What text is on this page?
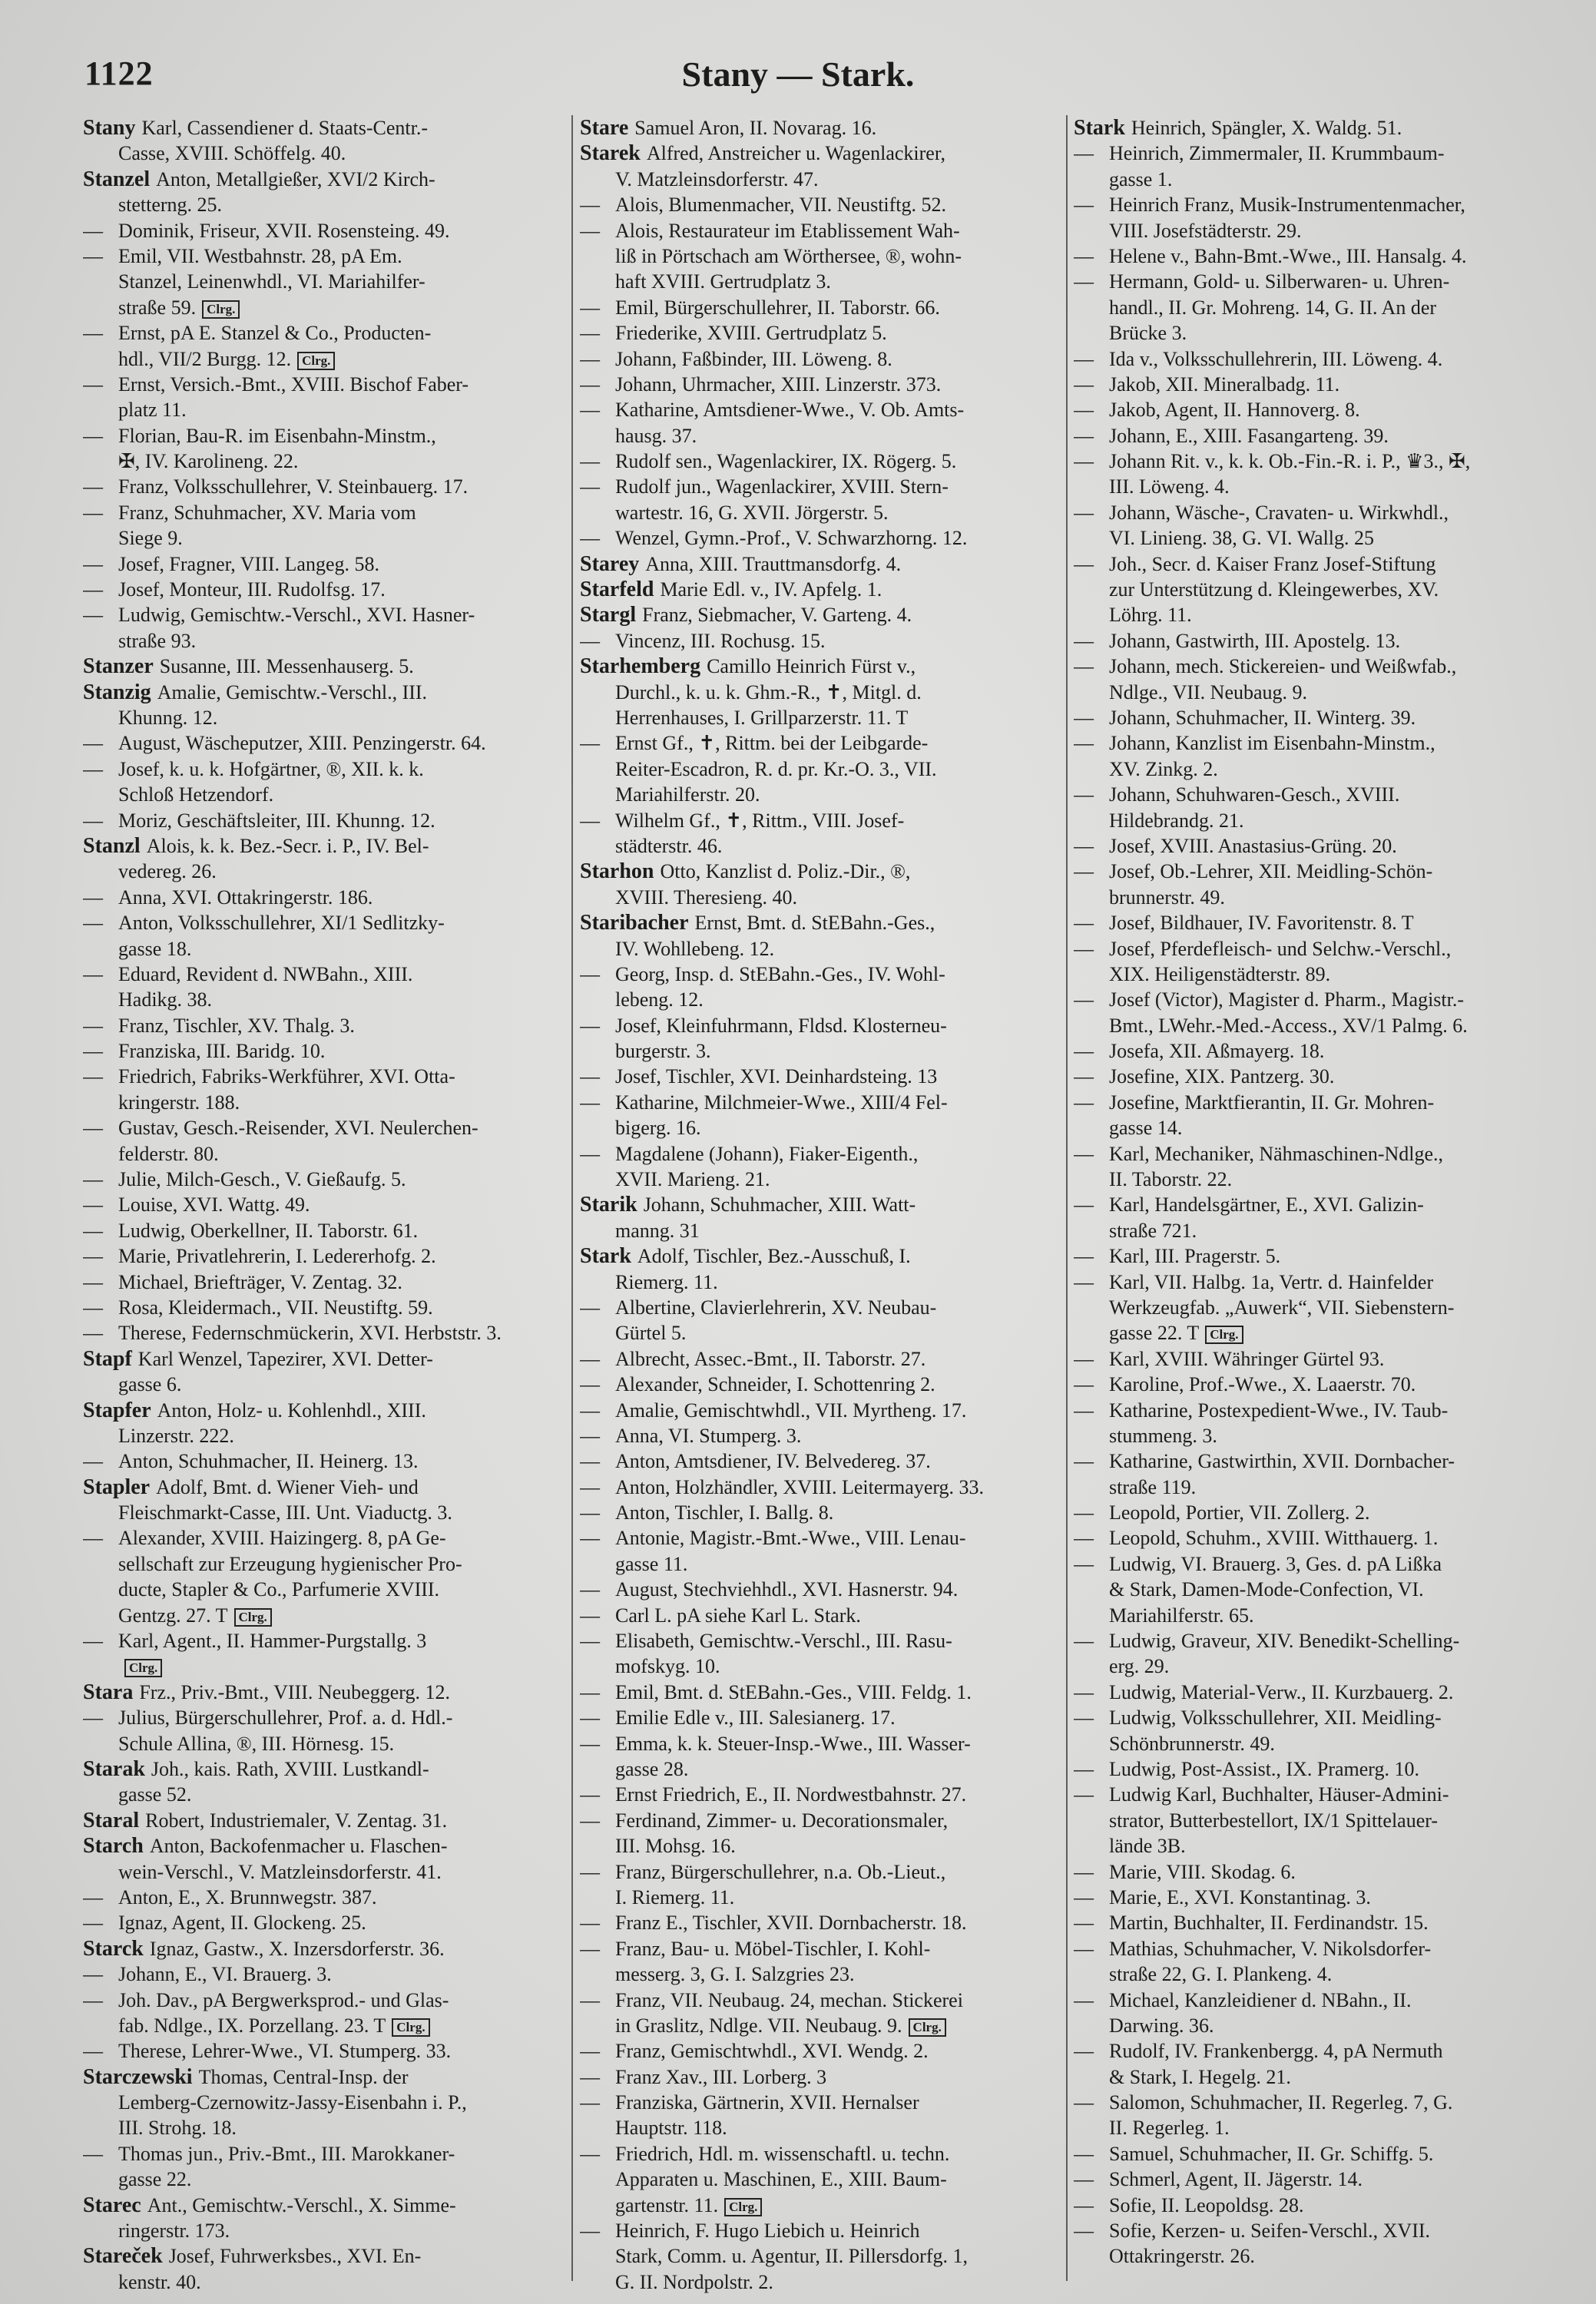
1122	Stany — Stark.
Stany Karl, Cassendiener d. Staats-Centr.-
Casse, XVIII. Schöffelg. 40.
Stanzel Anton, Metallgießer, XVI/2 Kirch-
stetterng. 25.
— Dominik, Friseur, XVII. Rosensteing. 49.
— Emil, VII. Westbahnstr. 28, pA Em.
Stanzel, Leinenwhdl., VI. Mariahilfer-
straße 59. Clrg.
— Ernst, pA E. Stanzel & Co., Producten-
hdl., VII/2 Burgg. 12. Clrg.
— Ernst, Versich.-Bmt., XVIII. Bischof Faber-
platz 11.
— Florian, Bau-R. im Eisenbahn-Minstm.,
✠, IV. Karolineng. 22.
— Franz, Volksschullehrer, V. Steinbauerg. 17.
— Franz, Schuhmacher, XV. Maria vom
Siege 9.
— Josef, Fragner, VIII. Langeg. 58.
— Josef, Monteur, III. Rudolfsg. 17.
— Ludwig, Gemischtw.-Verschl., XVI. Hasner-
straße 93.
Stanzer Susanne, III. Messenhauserg. 5.
Stanzig Amalie, Gemischtw.-Verschl., III.
Khunng. 12.
— August, Wäscheputzer, XIII. Penzingerstr. 64.
— Josef, k. u. k. Hofgärtner, ®, XII. k. k.
Schloß Hetzendorf.
— Moriz, Geschäftsleiter, III. Khunng. 12.
Stanzl Alois, k. k. Bez.-Secr. i. P., IV. Bel-
vedereg. 26.
— Anna, XVI. Ottakringerstr. 186.
— Anton, Volksschullehrer, XI/1 Sedlitzky-
gasse 18.
— Eduard, Revident d. NWBahn., XIII.
Hadikg. 38.
— Franz, Tischler, XV. Thalg. 3.
— Franziska, III. Baridg. 10.
— Friedrich, Fabriks-Werkführer, XVI. Otta-
kringerstr. 188.
— Gustav, Gesch.-Reisender, XVI. Neulerchen-
felderstr. 80.
— Julie, Milch-Gesch., V. Gießaufg. 5.
— Louise, XVI. Wattg. 49.
— Ludwig, Oberkellner, II. Taborstr. 61.
— Marie, Privatlehrerin, I. Ledererhofg. 2.
— Michael, Briefträger, V. Zentag. 32.
— Rosa, Kleidermach., VII. Neustiftg. 59.
— Therese, Federnschmückerin, XVI. Herbststr. 3.
Stapf Karl Wenzel, Tapezirer, XVI. Detter-
gasse 6.
Stapfer Anton, Holz- u. Kohlenhdl., XIII.
Linzerstr. 222.
— Anton, Schuhmacher, II. Heinerg. 13.
Stapler Adolf, Bmt. d. Wiener Vieh- und
Fleischmarkt-Casse, III. Unt. Viaductg. 3.
— Alexander, XVIII. Haizingerg. 8, pA Ge-
sellschaft zur Erzeugung hygienischer Pro-
ducte, Stapler & Co., Parfumerie XVIII.
Gentzg. 27. T Clrg.
— Karl, Agent., II. Hammer-Purgstallg. 3
Clrg.
Stara Frz., Priv.-Bmt., VIII. Neubeggerg. 12.
— Julius, Bürgerschullehrer, Prof. a. d. Hdl.-
Schule Allina, ®, III. Hörnesg. 15.
Starak Joh., kais. Rath, XVIII. Lustkandl-
gasse 52.
Staral Robert, Industriemaler, V. Zentag. 31.
Starch Anton, Backofenmacher u. Flaschen-
wein-Verschl., V. Matzleinsdorferstr. 41.
— Anton, E., X. Brunnwegstr. 387.
— Ignaz, Agent, II. Glockeng. 25.
Starck Ignaz, Gastw., X. Inzersdorferstr. 36.
— Johann, E., VI. Brauerg. 3.
— Joh. Dav., pA Bergwerksprod.- und Glas-
fab. Ndlge., IX. Porzellang. 23. T Clrg.
— Therese, Lehrer-Wwe., VI. Stumperg. 33.
Starczewski Thomas, Central-Insp. der
Lemberg-Czernowitz-Jassy-Eisenbahn i. P.,
III. Strohg. 18.
— Thomas jun., Priv.-Bmt., III. Marokkaner-
gasse 22.
Starec Ant., Gemischtw.-Verschl., X. Simme-
ringerstr. 173.
Stareček Josef, Fuhrwerksbes., XVI. En-
kenstr. 40.
Stare Samuel Aron, II. Novarag. 16.
Starek Alfred, Anstreicher u. Wagenlackirer,
V. Matzleinsdorferstr. 47.
— Alois, Blumenmacher, VII. Neustiftg. 52.
— Alois, Restaurateur im Etablissement Wah-
liß in Pörtschach am Wörthersee, ®, wohn-
haft XVIII. Gertrudplatz 3.
— Emil, Bürgerschullehrer, II. Taborstr. 66.
— Friederike, XVIII. Gertrudplatz 5.
— Johann, Faßbinder, III. Löweng. 8.
— Johann, Uhrmacher, XIII. Linzerstr. 373.
— Katharine, Amtsdiener-Wwe., V. Ob. Amts-
hausg. 37.
— Rudolf sen., Wagenlackirer, IX. Rögerg. 5.
— Rudolf jun., Wagenlackirer, XVIII. Stern-
wartestr. 16, G. XVII. Jörgerstr. 5.
— Wenzel, Gymn.-Prof., V. Schwarzhorng. 12.
Starey Anna, XIII. Trauttmansdorfg. 4.
Starfeld Marie Edl. v., IV. Apfelg. 1.
Stargl Franz, Siebmacher, V. Garteng. 4.
— Vincenz, III. Rochusg. 15.
Starhemberg Camillo Heinrich Fürst v.,
Durchl., k. u. k. Ghm.-R., ✝, Mitgl. d.
Herrenhauses, I. Grillparzerstr. 11. T
— Ernst Gf., ✝, Rittm. bei der Leibgarde-
Reiter-Escadron, R. d. pr. Kr.-O. 3., VII.
Mariahilferstr. 20.
— Wilhelm Gf., ✝, Rittm., VIII. Josef-
städterstr. 46.
Starhon Otto, Kanzlist d. Poliz.-Dir., ®,
XVIII. Theresieng. 40.
Staribacher Ernst, Bmt. d. StEBahn.-Ges.,
IV. Wohllebeng. 12.
— Georg, Insp. d. StEBahn.-Ges., IV. Wohl-
lebeng. 12.
— Josef, Kleinfuhrmann, Fldsd. Klosterneu-
burgerstr. 3.
— Josef, Tischler, XVI. Deinhardsteing. 13
— Katharine, Milchmeier-Wwe., XIII/4 Fel-
bigerg. 16.
— Magdalene (Johann), Fiaker-Eigenth.,
XVII. Marieng. 21.
Starik Johann, Schuhmacher, XIII. Watt-
manng. 31
Stark Adolf, Tischler, Bez.-Ausschuß, I.
Riemerg. 11.
— Albertine, Clavierlehrerin, XV. Neubau-
Gürtel 5.
— Albrecht, Assec.-Bmt., II. Taborstr. 27.
— Alexander, Schneider, I. Schottenring 2.
— Amalie, Gemischtwhdl., VII. Myrtheng. 17.
— Anna, VI. Stumperg. 3.
— Anton, Amtsdiener, IV. Belvedereg. 37.
— Anton, Holzhändler, XVIII. Leitermayerg. 33.
— Anton, Tischler, I. Ballg. 8.
— Antonie, Magistr.-Bmt.-Wwe., VIII. Lenau-
gasse 11.
— August, Stechviehhdl., XVI. Hasnerstr. 94.
— Carl L. pA siehe Karl L. Stark.
— Elisabeth, Gemischtw.-Verschl., III. Rasu-
mofskyg. 10.
— Emil, Bmt. d. StEBahn.-Ges., VIII. Feldg. 1.
— Emilie Edle v., III. Salesianerg. 17.
— Emma, k. k. Steuer-Insp.-Wwe., III. Wasser-
gasse 28.
— Ernst Friedrich, E., II. Nordwestbahnstr. 27.
— Ferdinand, Zimmer- u. Decorationsmaler,
III. Mohsg. 16.
— Franz, Bürgerschullehrer, n.a. Ob.-Lieut.,
I. Riemerg. 11.
— Franz E., Tischler, XVII. Dornbacherstr. 18.
— Franz, Bau- u. Möbel-Tischler, I. Kohl-
messerg. 3, G. I. Salzgries 23.
— Franz, VII. Neubaug. 24, mechan. Stickerei
in Graslitz, Ndlge. VII. Neubaug. 9. Clrg.
— Franz, Gemischtwhdl., XVI. Wendg. 2.
— Franz Xav., III. Lorberg. 3
— Franziska, Gärtnerin, XVII. Hernalser
Hauptstr. 118.
— Friedrich, Hdl. m. wissenschaftl. u. techn.
Apparaten u. Maschinen, E., XIII. Baum-
gartenstr. 11. Clrg.
— Heinrich, F. Hugo Liebich u. Heinrich
Stark, Comm. u. Agentur, II. Pillersdorfg. 1,
G. II. Nordpolstr. 2.
Stark Heinrich, Spängler, X. Waldg. 51.
— Heinrich, Zimmermaler, II. Krummbaum-
gasse 1.
— Heinrich Franz, Musik-Instrumentenmacher,
VIII. Josefstädterstr. 29.
— Helene v., Bahn-Bmt.-Wwe., III. Hansalg. 4.
— Hermann, Gold- u. Silberwaren- u. Uhren-
handl., II. Gr. Mohreng. 14, G. II. An der
Brücke 3.
— Ida v., Volksschullehrerin, III. Löweng. 4.
— Jakob, XII. Mineralbadg. 11.
— Jakob, Agent, II. Hannoverg. 8.
— Johann, E., XIII. Fasangarteng. 39.
— Johann Rit. v., k. k. Ob.-Fin.-R. i. P., ♛3., ✠,
III. Löweng. 4.
— Johann, Wäsche-, Cravaten- u. Wirkwhdl.,
VI. Linieng. 38, G. VI. Wallg. 25
— Joh., Secr. d. Kaiser Franz Josef-Stiftung
zur Unterstützung d. Kleingewerbes, XV.
Löhrg. 11.
— Johann, Gastwirth, III. Apostelg. 13.
— Johann, mech. Stickereien- und Weißwfab.,
Ndlge., VII. Neubaug. 9.
— Johann, Schuhmacher, II. Winterg. 39.
— Johann, Kanzlist im Eisenbahn-Minstm.,
XV. Zinkg. 2.
— Johann, Schuhwaren-Gesch., XVIII.
Hildebrandg. 21.
— Josef, XVIII. Anastasius-Grüng. 20.
— Josef, Ob.-Lehrer, XII. Meidling-Schön-
brunnerstr. 49.
— Josef, Bildhauer, IV. Favoritenstr. 8. T
— Josef, Pferdefleisch- und Selchw.-Verschl.,
XIX. Heiligenstädterstr. 89.
— Josef (Victor), Magister d. Pharm., Magistr.-
Bmt., LWehr.-Med.-Access., XV/1 Palmg. 6.
— Josefa, XII. Aßmayerg. 18.
— Josefine, XIX. Pantzerg. 30.
— Josefine, Marktfierantin, II. Gr. Mohren-
gasse 14.
— Karl, Mechaniker, Nähmaschinen-Ndlge.,
II. Taborstr. 22.
— Karl, Handelsgärtner, E., XVI. Galizin-
straße 721.
— Karl, III. Pragerstr. 5.
— Karl, VII. Halbg. 1a, Vertr. d. Hainfelder
Werkzeugfab. „Auwerk“, VII. Siebenstern-
gasse 22. T Clrg.
— Karl, XVIII. Währinger Gürtel 93.
— Karoline, Prof.-Wwe., X. Laaerstr. 70.
— Katharine, Postexpedient-Wwe., IV. Taub-
stummeng. 3.
— Katharine, Gastwirthin, XVII. Dornbacher-
straße 119.
— Leopold, Portier, VII. Zollerg. 2.
— Leopold, Schuhm., XVIII. Witthauerg. 1.
— Ludwig, VI. Brauerg. 3, Ges. d. pA Lißka
& Stark, Damen-Mode-Confection, VI.
Mariahilferstr. 65.
— Ludwig, Graveur, XIV. Benedikt-Schelling-
erg. 29.
— Ludwig, Material-Verw., II. Kurzbauerg. 2.
— Ludwig, Volksschullehrer, XII. Meidling-
Schönbrunnerstr. 49.
— Ludwig, Post-Assist., IX. Pramerg. 10.
— Ludwig Karl, Buchhalter, Häuser-Admini-
strator, Butterbestellort, IX/1 Spittelauer-
lände 3B.
— Marie, VIII. Skodag. 6.
— Marie, E., XVI. Konstantinag. 3.
— Martin, Buchhalter, II. Ferdinandstr. 15.
— Mathias, Schuhmacher, V. Nikolsdorfer-
straße 22, G. I. Plankeng. 4.
— Michael, Kanzleidiener d. NBahn., II.
Darwing. 36.
— Rudolf, IV. Frankenbergg. 4, pA Nermuth
& Stark, I. Hegelg. 21.
— Salomon, Schuhmacher, II. Regerleg. 7, G.
II. Regerleg. 1.
— Samuel, Schuhmacher, II. Gr. Schiffg. 5.
— Schmerl, Agent, II. Jägerstr. 14.
— Sofie, II. Leopoldsg. 28.
— Sofie, Kerzen- u. Seifen-Verschl., XVII.
Ottakringerstr. 26.
